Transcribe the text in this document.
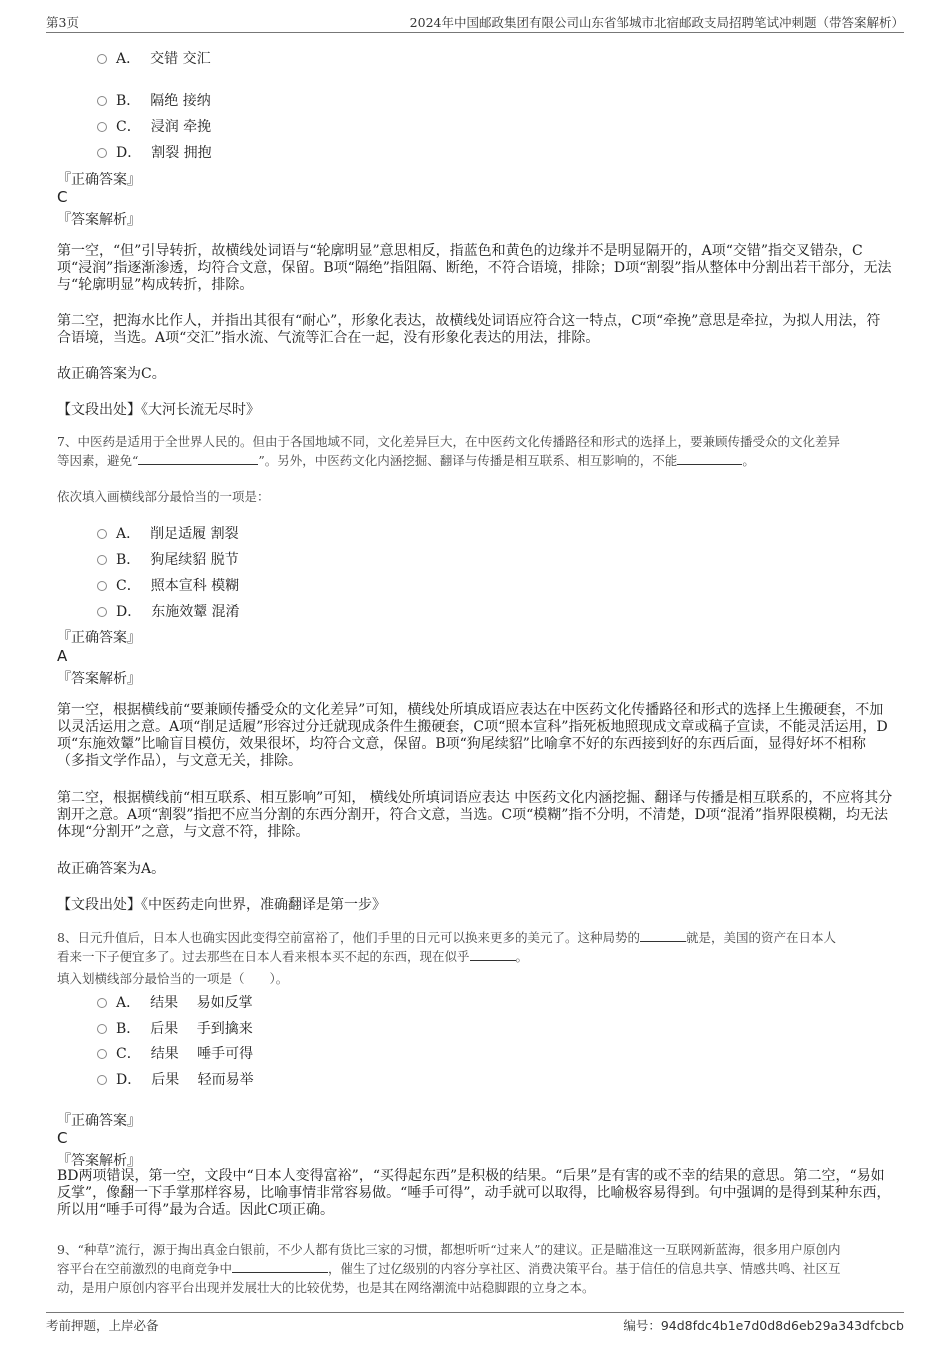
第3页	2024年中国邮政集团有限公司山东省邹城市北宿邮政支局招聘笔试冲刺题（带答案解析）
A． 交错 交汇
B． 隔绝 接纳
C． 浸润 牵挽
D． 割裂 拥抱
『正确答案』
C
『答案解析』
第一空，“但”引导转折，故横线处词语与“轮廓明显”意思相反，指蓝色和黄色的边缘并不是明显隔开的，A项“交错”指交叉错杂，C项“浸润”指逐渐渗透，均符合文意，保留。B项“隔绝”指阻隔、断绝，不符合语境，排除；D项“割裂”指从整体中分割出若干部分，无法与“轮廓明显”构成转折，排除。
第二空，把海水比作人，并指出其很有“耐心”，形象化表达，故横线处词语应符合这一特点，C项“牵挽”意思是牵拉，为拟人用法，符合语境，当选。A项“交汇”指水流、气流等汇合在一起，没有形象化表达的用法，排除。
故正确答案为C。
【文段出处】《大河长流无尽时》
7、中医药是适用于全世界人民的。但由于各国地域不同，文化差异巨大，在中医药文化传播路径和形式的选择上，要兼顾传播受众的文化差异
等因素，避免“	”。另外，中医药文化内涵挖掘、翻译与传播是相互联系、相互影响的，不能	。
依次填入画横线部分最恰当的一项是：
A． 削足适履 割裂
B． 狗尾续貂 脱节
C． 照本宣科 模糊
D． 东施效颦 混淆
『正确答案』
A
『答案解析』
第一空，根据横线前“要兼顾传播受众的文化差异”可知，横线处所填成语应表达在中医药文化传播路径和形式的选择上生搬硬套，不加以灵活运用之意。A项“削足适履”形容过分迁就现成条件生搬硬套，C项“照本宣科”指死板地照现成文章或稿子宣读，不能灵活运用，D项“东施效颦”比喻盲目模仿，效果很坏，均符合文意，保留。B项“狗尾续貂”比喻拿不好的东西接到好的东西后面，显得好坏不相称（多指文学作品），与文意无关，排除。
第二空，根据横线前“相互联系、相互影响”可知， 横线处所填词语应表达 中医药文化内涵挖掘、翻译与传播是相互联系的，不应将其分割开之意。A项“割裂”指把不应当分割的东西分割开，符合文意，当选。C项“模糊”指不分明，不清楚，D项“混淆”指界限模糊，均无法体现“分割开”之意，与文意不符，排除。
故正确答案为A。
【文段出处】《中医药走向世界，准确翻译是第一步》
8、日元升值后，日本人也确实因此变得空前富裕了，他们手里的日元可以换来更多的美元了。这种局势的	就是，美国的资产在日本人
看来一下子便宜多了。过去那些在日本人看来根本买不起的东西，现在似乎	。
填入划横线部分最恰当的一项是（　　）。
A． 结果　 易如反掌
B． 后果　 手到擒来
C． 结果　 唾手可得
D． 后果　 轻而易举
『正确答案』
C
『答案解析』
BD两项错误，第一空，文段中“日本人变得富裕”，“买得起东西”是积极的结果。“后果”是有害的或不幸的结果的意思。第二空，“易如反掌”，像翻一下手掌那样容易，比喻事情非常容易做。“唾手可得”，动手就可以取得，比喻极容易得到。句中强调的是得到某种东西，所以用“唾手可得”最为合适。因此C项正确。
9、“种草”流行，源于掏出真金白银前，不少人都有货比三家的习惯，都想听听“过来人”的建议。正是瞄准这一互联网新蓝海，很多用户原创内
容平台在空前激烈的电商竞争中	，催生了过亿级别的内容分享社区、消费决策平台。基于信任的信息共享、情感共鸣、社区互
动，是用户原创内容平台出现并发展壮大的比较优势，也是其在网络潮流中站稳脚跟的立身之本。
考前押题，上岸必备	编号：94d8fdc4b1e7d0d8d6eb29a343dfcbcb
